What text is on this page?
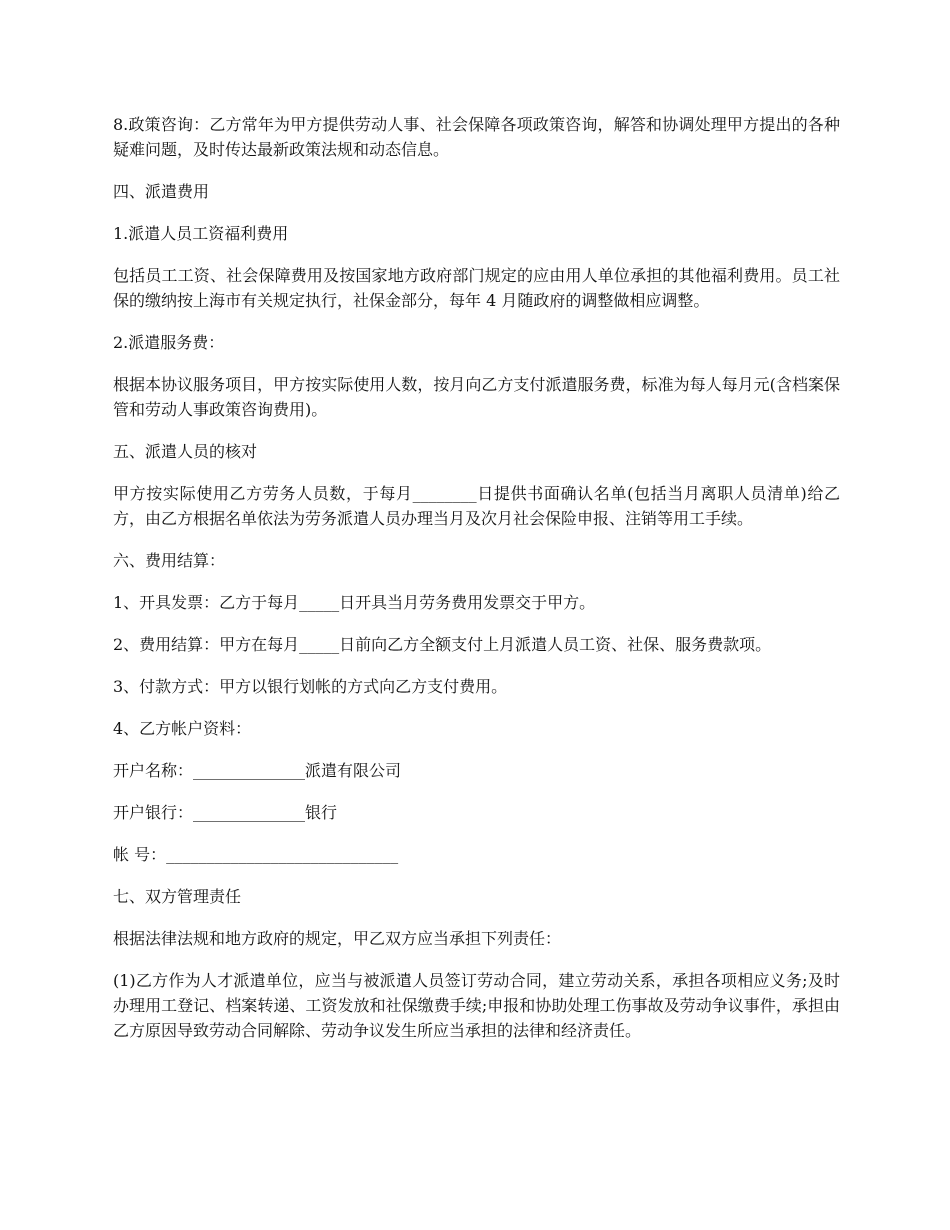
8.政策咨询：乙方常年为甲方提供劳动人事、社会保障各项政策咨询，解答和协调处理甲方提出的各种疑难问题，及时传达最新政策法规和动态信息。

四、派遣费用

1.派遣人员工资福利费用

包括员工工资、社会保障费用及按国家地方政府部门规定的应由用人单位承担的其他福利费用。员工社保的缴纳按上海市有关规定执行，社保金部分，每年 4 月随政府的调整做相应调整。

2.派遣服务费：

根据本协议服务项目，甲方按实际使用人数，按月向乙方支付派遣服务费，标准为每人每月元(含档案保管和劳动人事政策咨询费用)。

五、派遣人员的核对

甲方按实际使用乙方劳务人员数，于每月________日提供书面确认名单(包括当月离职人员清单)给乙方，由乙方根据名单依法为劳务派遣人员办理当月及次月社会保险申报、注销等用工手续。

六、费用结算：

1、开具发票：乙方于每月_____日开具当月劳务费用发票交于甲方。

2、费用结算：甲方在每月_____日前向乙方全额支付上月派遣人员工资、社保、服务费款项。

3、付款方式：甲方以银行划帐的方式向乙方支付费用。

4、乙方帐户资料：

开户名称：______________派遣有限公司

开户银行：______________银行

帐 号：_____________________________

七、双方管理责任

根据法律法规和地方政府的规定，甲乙双方应当承担下列责任：

(1)乙方作为人才派遣单位，应当与被派遣人员签订劳动合同，建立劳动关系，承担各项相应义务;及时办理用工登记、档案转递、工资发放和社保缴费手续;申报和协助处理工伤事故及劳动争议事件，承担由乙方原因导致劳动合同解除、劳动争议发生所应当承担的法律和经济责任。
